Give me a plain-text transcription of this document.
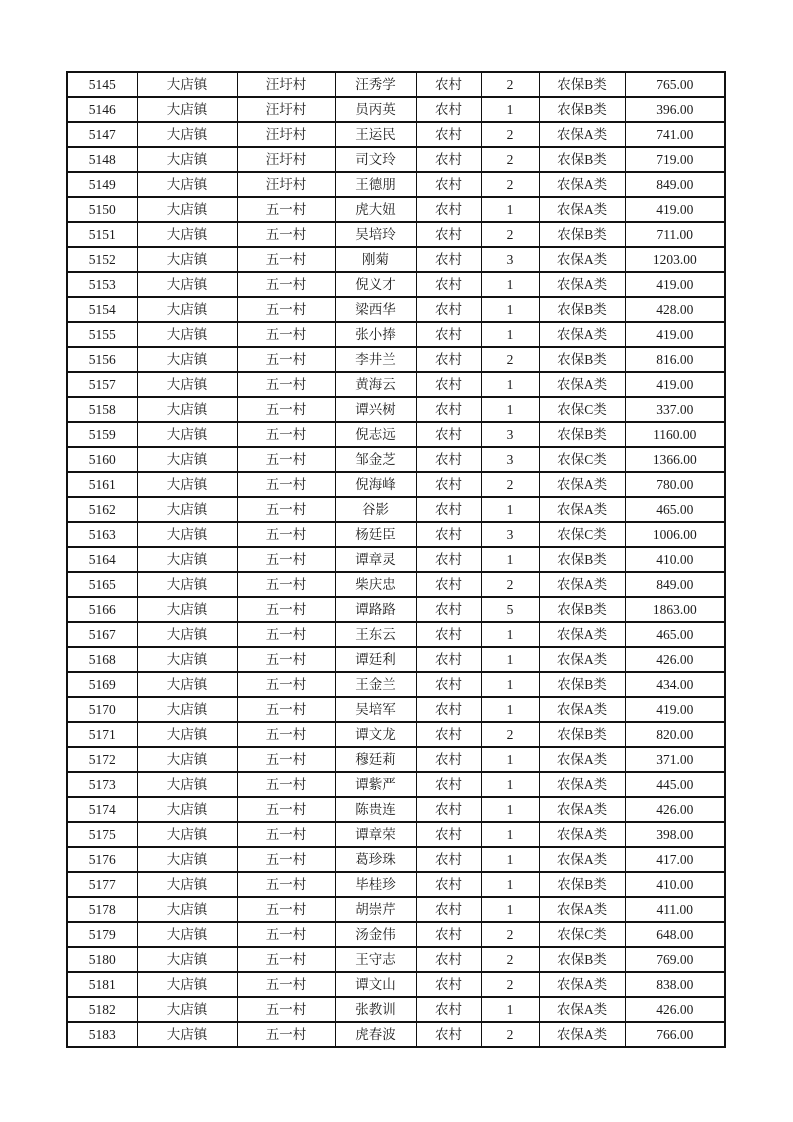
5145	大店镇	汪圩村	汪秀学	农村	2	农保B类	765.00
5146	大店镇	汪圩村	员丙英	农村	1	农保B类	396.00
5147	大店镇	汪圩村	王运民	农村	2	农保A类	741.00
5148	大店镇	汪圩村	司文玲	农村	2	农保B类	719.00
5149	大店镇	汪圩村	王德朋	农村	2	农保A类	849.00
5150	大店镇	五一村	虎大妞	农村	1	农保A类	419.00
5151	大店镇	五一村	吴培玲	农村	2	农保B类	711.00
5152	大店镇	五一村	刚菊	农村	3	农保A类	1203.00
5153	大店镇	五一村	倪义才	农村	1	农保A类	419.00
5154	大店镇	五一村	梁西华	农村	1	农保B类	428.00
5155	大店镇	五一村	张小捧	农村	1	农保A类	419.00
5156	大店镇	五一村	李井兰	农村	2	农保B类	816.00
5157	大店镇	五一村	黄海云	农村	1	农保A类	419.00
5158	大店镇	五一村	谭兴树	农村	1	农保C类	337.00
5159	大店镇	五一村	倪志远	农村	3	农保B类	1160.00
5160	大店镇	五一村	邹金芝	农村	3	农保C类	1366.00
5161	大店镇	五一村	倪海峰	农村	2	农保A类	780.00
5162	大店镇	五一村	谷影	农村	1	农保A类	465.00
5163	大店镇	五一村	杨廷臣	农村	3	农保C类	1006.00
5164	大店镇	五一村	谭章灵	农村	1	农保B类	410.00
5165	大店镇	五一村	柴庆忠	农村	2	农保A类	849.00
5166	大店镇	五一村	谭路路	农村	5	农保B类	1863.00
5167	大店镇	五一村	王东云	农村	1	农保A类	465.00
5168	大店镇	五一村	谭廷利	农村	1	农保A类	426.00
5169	大店镇	五一村	王金兰	农村	1	农保B类	434.00
5170	大店镇	五一村	吴培军	农村	1	农保A类	419.00
5171	大店镇	五一村	谭文龙	农村	2	农保B类	820.00
5172	大店镇	五一村	穆廷莉	农村	1	农保A类	371.00
5173	大店镇	五一村	谭紫严	农村	1	农保A类	445.00
5174	大店镇	五一村	陈贵连	农村	1	农保A类	426.00
5175	大店镇	五一村	谭章荣	农村	1	农保A类	398.00
5176	大店镇	五一村	葛珍珠	农村	1	农保A类	417.00
5177	大店镇	五一村	毕桂珍	农村	1	农保B类	410.00
5178	大店镇	五一村	胡崇芹	农村	1	农保A类	411.00
5179	大店镇	五一村	汤金伟	农村	2	农保C类	648.00
5180	大店镇	五一村	王守志	农村	2	农保B类	769.00
5181	大店镇	五一村	谭文山	农村	2	农保A类	838.00
5182	大店镇	五一村	张教训	农村	1	农保A类	426.00
5183	大店镇	五一村	虎春波	农村	2	农保A类	766.00
